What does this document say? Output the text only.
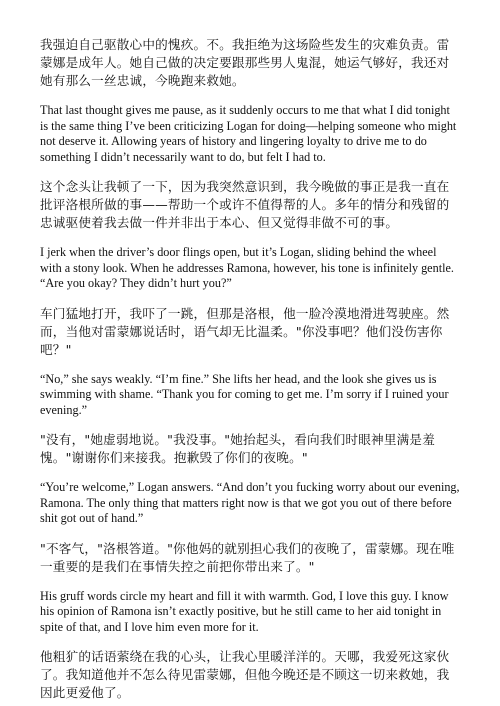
我强迫自己驱散心中的愧疚。不。我拒绝为这场险些发生的灾难负责。雷蒙娜是成年人。她自己做的决定要跟那些男人鬼混，她运气够好，我还对她有那么一丝忠诚，今晚跑来救她。

That last thought gives me pause, as it suddenly occurs to me that what I did tonight is the same thing I’ve been criticizing Logan for doing—helping someone who might not deserve it. Allowing years of history and lingering loyalty to drive me to do something I didn’t necessarily want to do, but felt I had to.

这个念头让我顿了一下，因为我突然意识到，我今晚做的事正是我一直在批评洛根所做的事——帮助一个或许不值得帮的人。多年的情分和残留的忠诚驱使着我去做一件并非出于本心、但又觉得非做不可的事。

I jerk when the driver’s door flings open, but it’s Logan, sliding behind the wheel with a stony look. When he addresses Ramona, however, his tone is infinitely gentle. “Are you okay? They didn’t hurt you?”

车门猛地打开，我吓了一跳，但那是洛根，他一脸冷漠地滑进驾驶座。然而，当他对雷蒙娜说话时，语气却无比温柔。"你没事吧？他们没伤害你吧？"

“No,” she says weakly. “I’m fine.” She lifts her head, and the look she gives us is swimming with shame. “Thank you for coming to get me. I’m sorry if I ruined your evening.”

"没有，"她虚弱地说。"我没事。"她抬起头，看向我们时眼神里满是羞愧。"谢谢你们来接我。抱歉毁了你们的夜晚。"

“You’re welcome,” Logan answers. “And don’t you fucking worry about our evening, Ramona. The only thing that matters right now is that we got you out of there before shit got out of hand.”

"不客气，"洛根答道。"你他妈的就别担心我们的夜晚了，雷蒙娜。现在唯一重要的是我们在事情失控之前把你带出来了。"

His gruff words circle my heart and fill it with warmth. God, I love this guy. I know his opinion of Ramona isn’t exactly positive, but he still came to her aid tonight in spite of that, and I love him even more for it.

他粗犷的话语萦绕在我的心头，让我心里暖洋洋的。天哪，我爱死这家伙了。我知道他并不怎么待见雷蒙娜，但他今晚还是不顾这一切来救她，我因此更爱他了。
